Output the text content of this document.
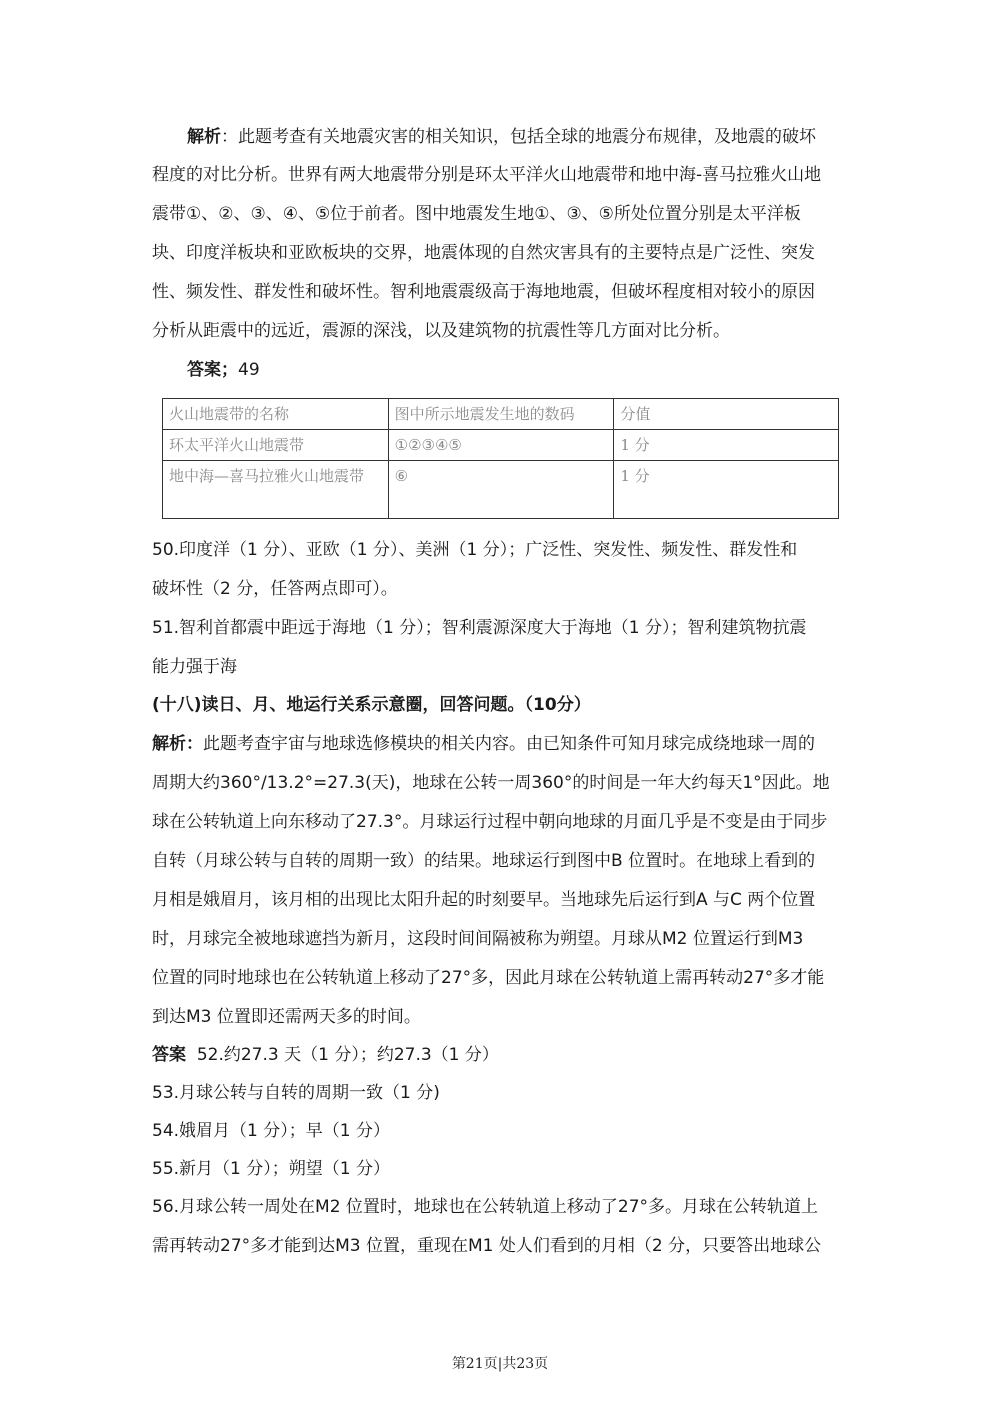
解析：此题考查有关地震灾害的相关知识，包括全球的地震分布规律，及地震的破坏
程度的对比分析。世界有两大地震带分别是环太平洋火山地震带和地中海-喜马拉雅火山地
震带①、②、③、④、⑤位于前者。图中地震发生地①、③、⑤所处位置分别是太平洋板
块、印度洋板块和亚欧板块的交界，地震体现的自然灾害具有的主要特点是广泛性、突发
性、频发性、群发性和破坏性。智利地震震级高于海地地震，但破坏程度相对较小的原因
分析从距震中的远近，震源的深浅，以及建筑物的抗震性等几方面对比分析。
答案；49
火山地震带的名称	图中所示地震发生地的数码	分值
环太平洋火山地震带	①②③④⑤	1 分
地中海—喜马拉雅火山地震带	⑥	1 分
50.印度洋（1 分）、亚欧（1 分）、美洲（1 分）；广泛性、突发性、频发性、群发性和
破坏性（2 分，任答两点即可）。
51.智利首都震中距远于海地（1 分）；智利震源深度大于海地（1 分）；智利建筑物抗震
能力强于海
(十八)读日、月、地运行关系示意圈，回答问题。（10分）
解析：此题考查宇宙与地球选修模块的相关内容。由已知条件可知月球完成绕地球一周的
周期大约360°/13.2°=27.3(天)，地球在公转一周360°的时间是一年大约每天1°因此。地
球在公转轨道上向东移动了27.3°。月球运行过程中朝向地球的月面几乎是不变是由于同步
自转（月球公转与自转的周期一致）的结果。地球运行到图中B 位置时。在地球上看到的
月相是娥眉月，该月相的出现比太阳升起的时刻要早。当地球先后运行到A 与C 两个位置
时，月球完全被地球遮挡为新月，这段时间间隔被称为朔望。月球从M2 位置运行到M3
位置的同时地球也在公转轨道上移动了27°多，因此月球在公转轨道上需再转动27°多才能
到达M3 位置即还需两天多的时间。
答案 52.约27.3 天（1 分）；约27.3（1 分）
53.月球公转与自转的周期一致（1 分)
54.娥眉月（1 分）；早（1 分）
55.新月（1 分）；朔望（1 分）
56.月球公转一周处在M2 位置时，地球也在公转轨道上移动了27°多。月球在公转轨道上
需再转动27°多才能到达M3 位置，重现在M1 处人们看到的月相（2 分，只要答出地球公
第21页|共23页
